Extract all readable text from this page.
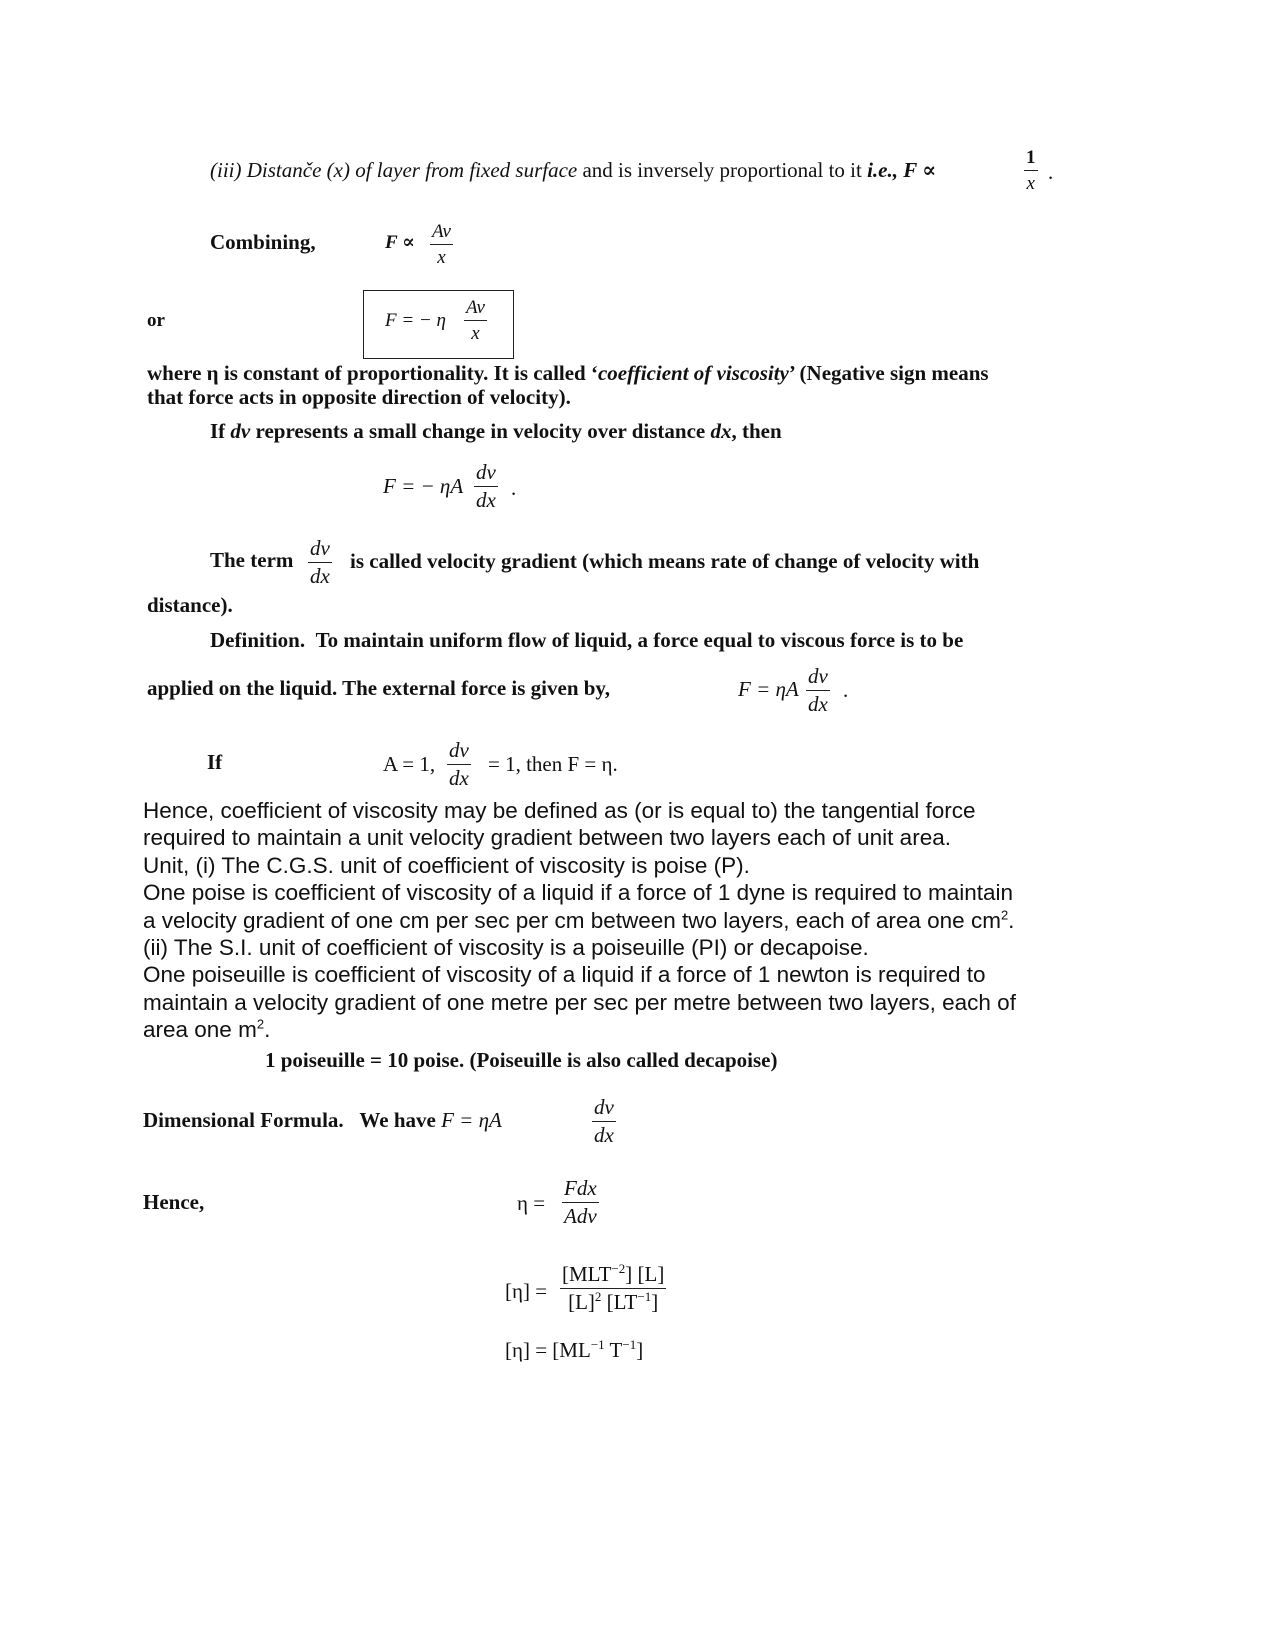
(iii) Distanče (x) of layer from fixed surface and is inversely proportional to it i.e., F ∝	$\frac{1}{x}$ .
Combining,	$F \propto \frac{Av}{x}$
or	F = − η $\frac{Av}{x}$
where η is constant of proportionality. It is called ‘coefficient of viscosity’ (Negative sign means
that force acts in opposite direction of velocity).
If dv represents a small change in velocity over distance dx, then
F = − ηA $\frac{dv}{dx}$ .
The term $\frac{dv}{dx}$ is called velocity gradient (which means rate of change of velocity with
distance).
Definition. To maintain uniform flow of liquid, a force equal to viscous force is to be
applied on the liquid. The external force is given by,	F = ηA $\frac{dv}{dx}$ .
If	A = 1, $\frac{dv}{dx} = 1$, then F = η.
Hence, coefficient of viscosity may be defined as (or is equal to) the tangential force
required to maintain a unit velocity gradient between two layers each of unit area.
Unit, (i) The C.G.S. unit of coefficient of viscosity is poise (P).
One poise is coefficient of viscosity of a liquid if a force of 1 dyne is required to maintain
a velocity gradient of one cm per sec per cm between two layers, each of area one $cm^2$.
(ii) The S.I. unit of coefficient of viscosity is a poiseuille (PI) or decapoise.
One poiseuille is coefficient of viscosity of a liquid if a force of 1 newton is required to
maintain a velocity gradient of one metre per sec per metre between two layers, each of
area one $m^2$.
1 poiseuille = 10 poise. (Poiseuille is also called decapoise)
Dimensional Formula. We have F = ηA	$\frac{dv}{dx}$
Hence,	η =
Fdx
Adv
[η] =
$[MLT^{-2}]$ [L]
$[L]^2$ $[LT^{-1}]$
$[\eta] = [ML^{-1}$ $T^{-1}$]
